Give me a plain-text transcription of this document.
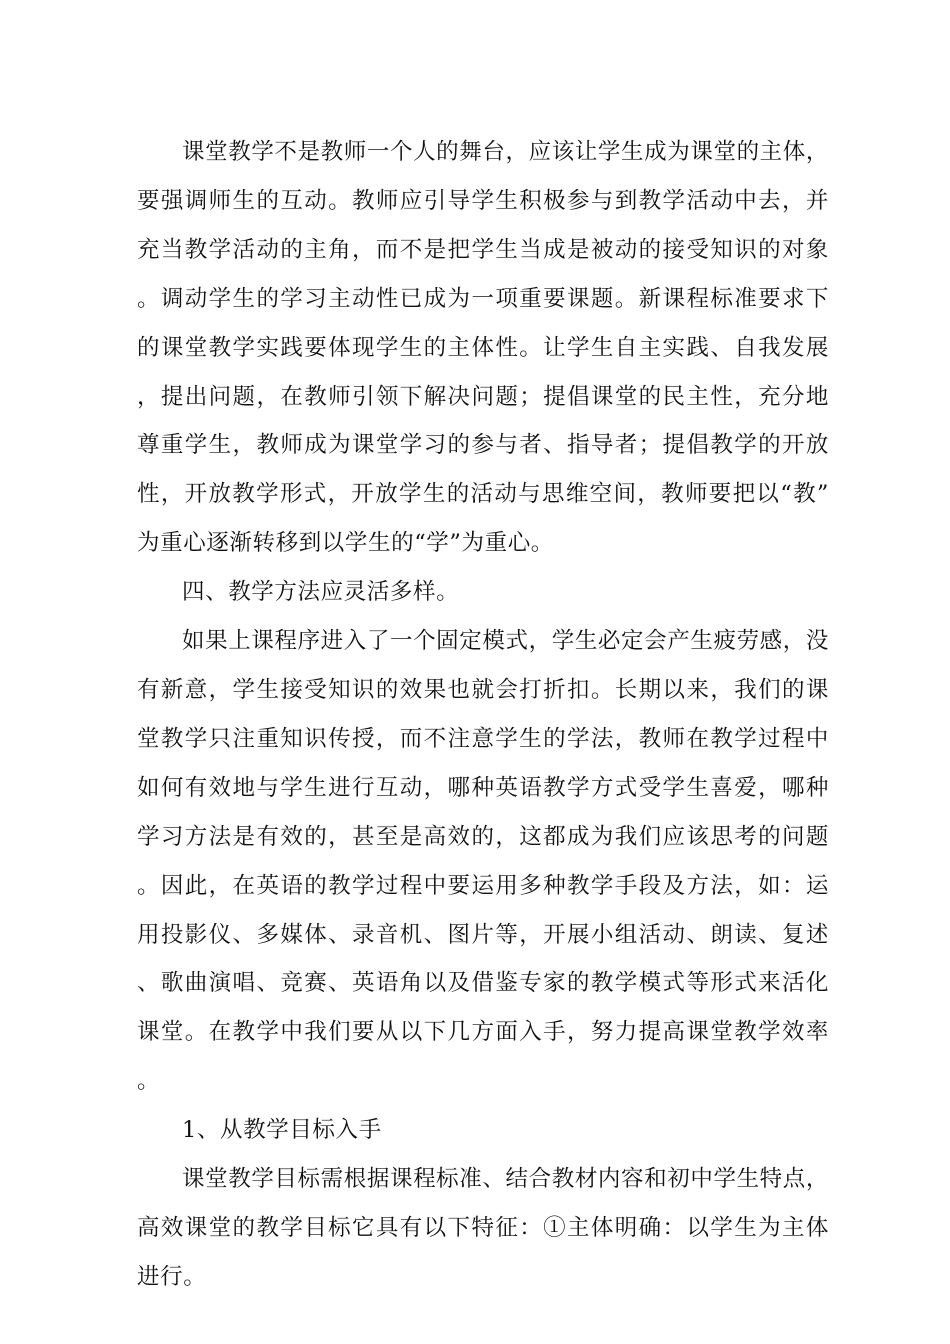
课堂教学不是教师一个人的舞台，应该让学生成为课堂的主体，要强调师生的互动。教师应引导学生积极参与到教学活动中去，并充当教学活动的主角，而不是把学生当成是被动的接受知识的对象。调动学生的学习主动性已成为一项重要课题。新课程标准要求下的课堂教学实践要体现学生的主体性。让学生自主实践、自我发展，提出问题，在教师引领下解决问题；提倡课堂的民主性，充分地尊重学生，教师成为课堂学习的参与者、指导者；提倡教学的开放性，开放教学形式，开放学生的活动与思维空间，教师要把以“教”为重心逐渐转移到以学生的“学”为重心。

四、教学方法应灵活多样。

如果上课程序进入了一个固定模式，学生必定会产生疲劳感，没有新意，学生接受知识的效果也就会打折扣。长期以来，我们的课堂教学只注重知识传授，而不注意学生的学法，教师在教学过程中如何有效地与学生进行互动，哪种英语教学方式受学生喜爱，哪种学习方法是有效的，甚至是高效的，这都成为我们应该思考的问题。因此，在英语的教学过程中要运用多种教学手段及方法，如：运用投影仪、多媒体、录音机、图片等，开展小组活动、朗读、复述、歌曲演唱、竞赛、英语角以及借鉴专家的教学模式等形式来活化课堂。在教学中我们要从以下几方面入手，努力提高课堂教学效率。

1、从教学目标入手

课堂教学目标需根据课程标准、结合教材内容和初中学生特点，高效课堂的教学目标它具有以下特征：①主体明确：以学生为主体进行。
